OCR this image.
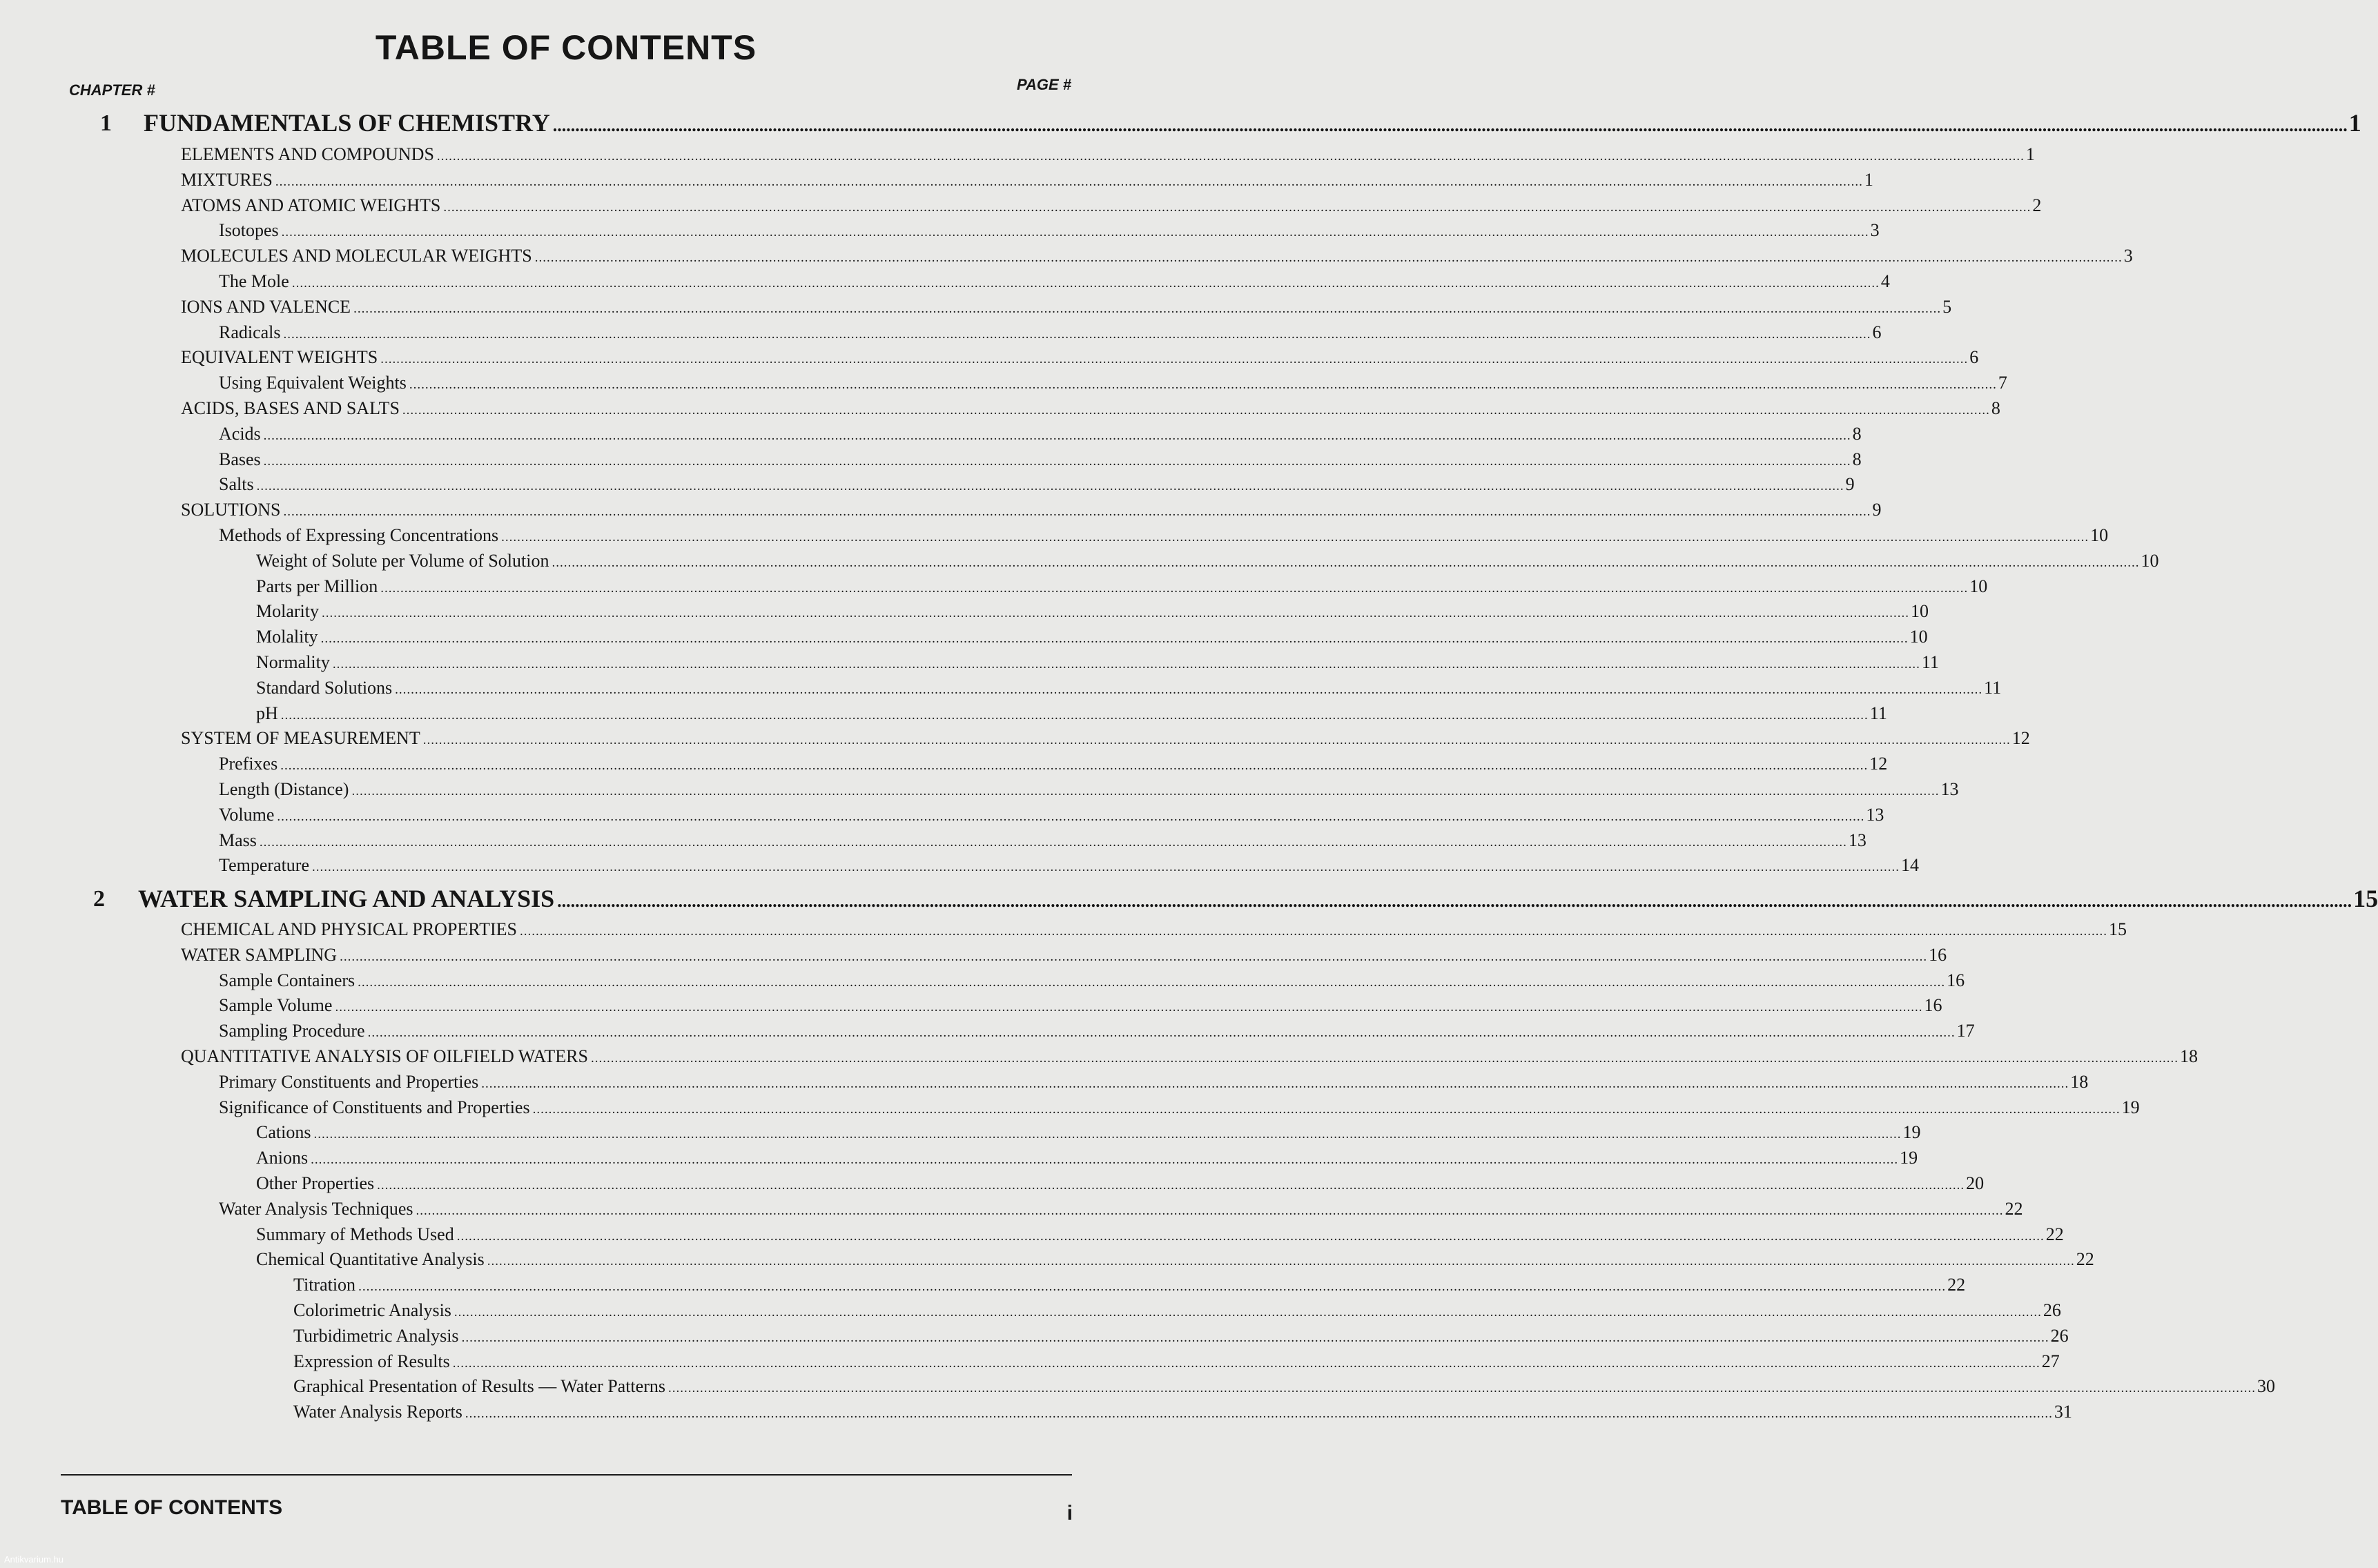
TABLE OF CONTENTS
CHAPTER #	PAGE #
1 FUNDAMENTALS OF CHEMISTRY ................................................................................................................................................................................................................................................................................................................................................................................................................ 1
ELEMENTS AND COMPOUNDS ................................................................................................................................................................................................................................................................................................................................................................................................................ 1
MIXTURES ................................................................................................................................................................................................................................................................................................................................................................................................................ 1
ATOMS AND ATOMIC WEIGHTS ................................................................................................................................................................................................................................................................................................................................................................................................................ 2
Isotopes ................................................................................................................................................................................................................................................................................................................................................................................................................ 3
MOLECULES AND MOLECULAR WEIGHTS ................................................................................................................................................................................................................................................................................................................................................................................................................ 3
The Mole ................................................................................................................................................................................................................................................................................................................................................................................................................ 4
IONS AND VALENCE ................................................................................................................................................................................................................................................................................................................................................................................................................ 5
Radicals ................................................................................................................................................................................................................................................................................................................................................................................................................ 6
EQUIVALENT WEIGHTS ................................................................................................................................................................................................................................................................................................................................................................................................................ 6
Using Equivalent Weights ................................................................................................................................................................................................................................................................................................................................................................................................................ 7
ACIDS, BASES AND SALTS ................................................................................................................................................................................................................................................................................................................................................................................................................ 8
Acids ................................................................................................................................................................................................................................................................................................................................................................................................................ 8
Bases ................................................................................................................................................................................................................................................................................................................................................................................................................ 8
Salts ................................................................................................................................................................................................................................................................................................................................................................................................................ 9
SOLUTIONS ................................................................................................................................................................................................................................................................................................................................................................................................................ 9
Methods of Expressing Concentrations ................................................................................................................................................................................................................................................................................................................................................................................................................ 10
Weight of Solute per Volume of Solution ................................................................................................................................................................................................................................................................................................................................................................................................................ 10
Parts per Million ................................................................................................................................................................................................................................................................................................................................................................................................................ 10
Molarity ................................................................................................................................................................................................................................................................................................................................................................................................................ 10
Molality ................................................................................................................................................................................................................................................................................................................................................................................................................ 10
Normality ................................................................................................................................................................................................................................................................................................................................................................................................................ 11
Standard Solutions ................................................................................................................................................................................................................................................................................................................................................................................................................ 11
pH ................................................................................................................................................................................................................................................................................................................................................................................................................ 11
SYSTEM OF MEASUREMENT ................................................................................................................................................................................................................................................................................................................................................................................................................ 12
Prefixes ................................................................................................................................................................................................................................................................................................................................................................................................................ 12
Length (Distance) ................................................................................................................................................................................................................................................................................................................................................................................................................ 13
Volume ................................................................................................................................................................................................................................................................................................................................................................................................................ 13
Mass ................................................................................................................................................................................................................................................................................................................................................................................................................ 13
Temperature ................................................................................................................................................................................................................................................................................................................................................................................................................ 14
2 WATER SAMPLING AND ANALYSIS ................................................................................................................................................................................................................................................................................................................................................................................................................ 15
CHEMICAL AND PHYSICAL PROPERTIES ................................................................................................................................................................................................................................................................................................................................................................................................................ 15
WATER SAMPLING ................................................................................................................................................................................................................................................................................................................................................................................................................ 16
Sample Containers ................................................................................................................................................................................................................................................................................................................................................................................................................ 16
Sample Volume ................................................................................................................................................................................................................................................................................................................................................................................................................ 16
Sampling Procedure ................................................................................................................................................................................................................................................................................................................................................................................................................ 17
QUANTITATIVE ANALYSIS OF OILFIELD WATERS ................................................................................................................................................................................................................................................................................................................................................................................................................ 18
Primary Constituents and Properties ................................................................................................................................................................................................................................................................................................................................................................................................................ 18
Significance of Constituents and Properties ................................................................................................................................................................................................................................................................................................................................................................................................................ 19
Cations ................................................................................................................................................................................................................................................................................................................................................................................................................ 19
Anions ................................................................................................................................................................................................................................................................................................................................................................................................................ 19
Other Properties ................................................................................................................................................................................................................................................................................................................................................................................................................ 20
Water Analysis Techniques ................................................................................................................................................................................................................................................................................................................................................................................................................ 22
Summary of Methods Used ................................................................................................................................................................................................................................................................................................................................................................................................................ 22
Chemical Quantitative Analysis ................................................................................................................................................................................................................................................................................................................................................................................................................ 22
Titration ................................................................................................................................................................................................................................................................................................................................................................................................................ 22
Colorimetric Analysis ................................................................................................................................................................................................................................................................................................................................................................................................................ 26
Turbidimetric Analysis ................................................................................................................................................................................................................................................................................................................................................................................................................ 26
Expression of Results ................................................................................................................................................................................................................................................................................................................................................................................................................ 27
Graphical Presentation of Results — Water Patterns ................................................................................................................................................................................................................................................................................................................................................................................................................ 30
Water Analysis Reports ................................................................................................................................................................................................................................................................................................................................................................................................................ 31
TABLE OF CONTENTS	i
Antikvarium.hu
